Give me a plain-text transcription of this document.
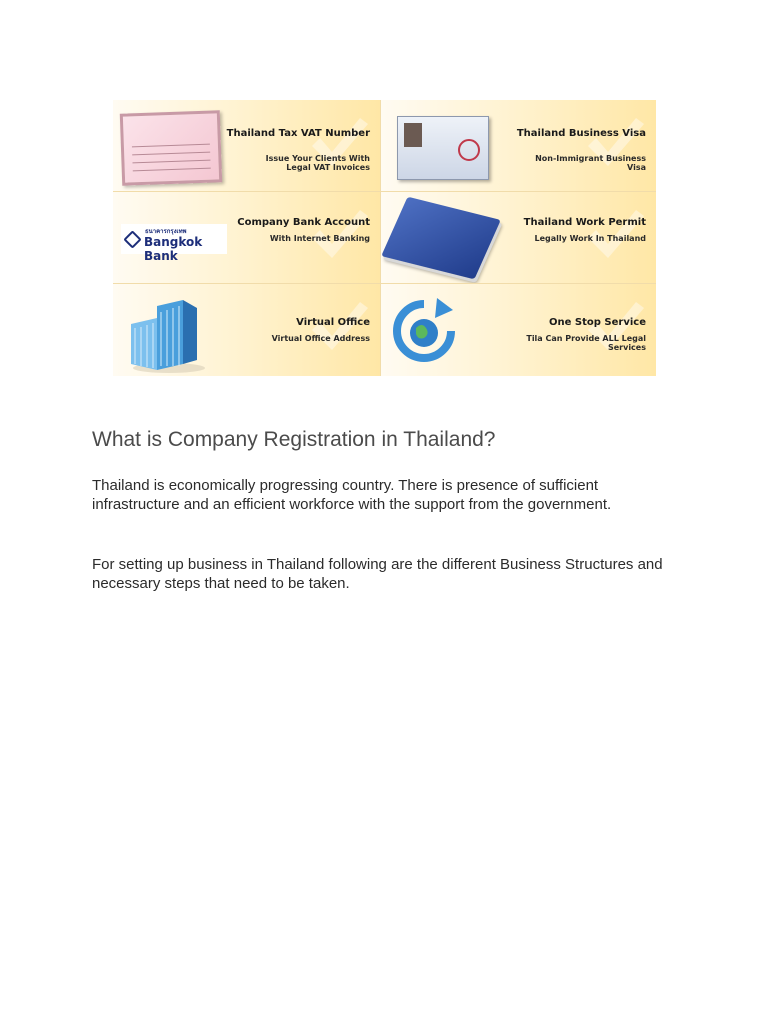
Thailand Tax VAT Number
Issue Your Clients With Legal VAT Invoices
Thailand Business Visa
Non-Immigrant Business Visa
ธนาคารกรุงเทพ
Bangkok Bank
Company Bank Account
With Internet Banking
Thailand Work Permit
Legally Work In Thailand
Virtual Office
Virtual Office Address
One Stop Service
Tila Can Provide ALL Legal Services
What is Company Registration in Thailand?

Thailand is economically progressing country. There is presence of sufficient infrastructure and an efficient workforce with the support from the government.

For setting up business in Thailand following are the different Business Structures and necessary steps that need to be taken.
